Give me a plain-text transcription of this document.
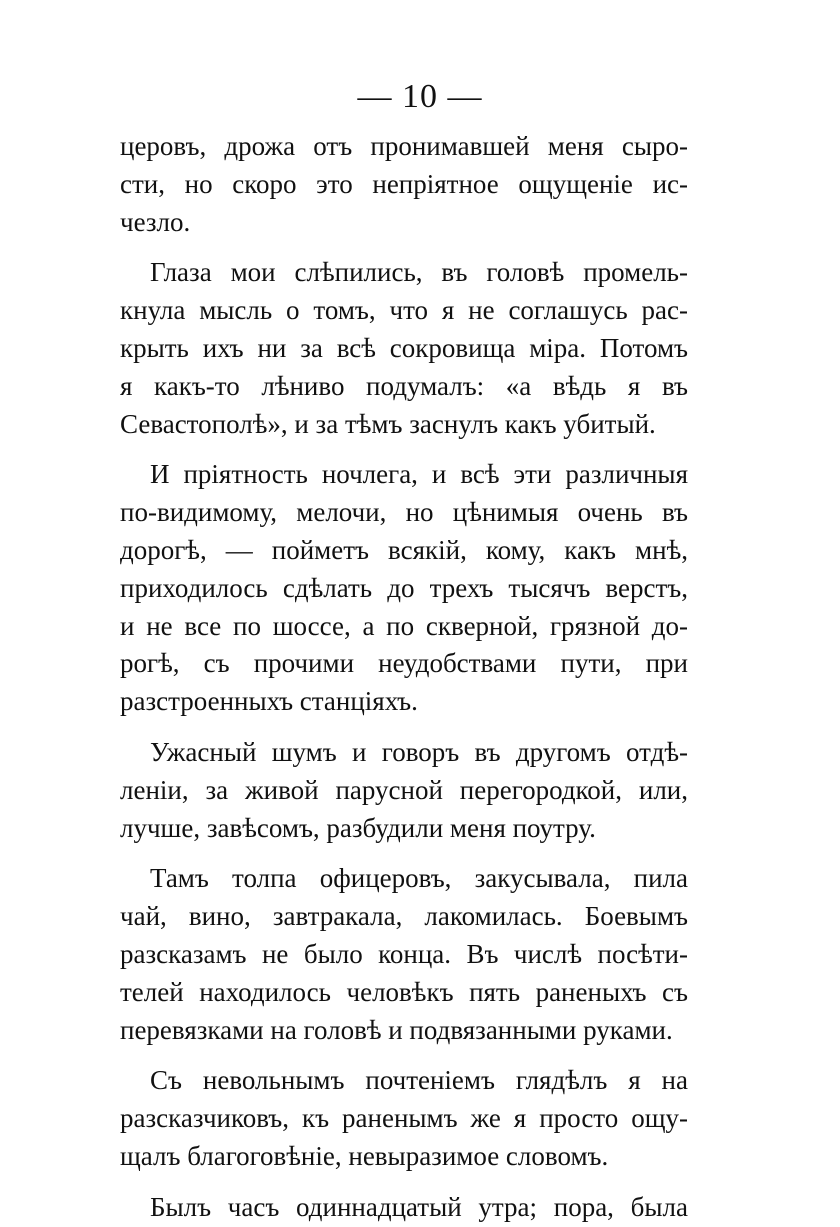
— 10 —
церовъ, дрожа отъ пронимавшей меня сыро-
сти, но скоро это непріятное ощущеніе ис-
чезло.
Глаза мои слѣпились, въ головѣ промель-
кнула мысль о томъ, что я не соглашусь рас-
крыть ихъ ни за всѣ сокровища міра. Потомъ
я какъ-то лѣниво подумалъ: «а вѣдь я въ
Севастополѣ», и за тѣмъ заснулъ какъ убитый.
И пріятность ночлега, и всѣ эти различныя
по-видимому, мелочи, но цѣнимыя очень въ
дорогѣ, — пойметъ всякій, кому, какъ мнѣ,
приходилось сдѣлать до трехъ тысячъ верстъ,
и не все по шоссе, а по скверной, грязной до-
рогѣ, съ прочими неудобствами пути, при
разстроенныхъ станціяхъ.
Ужасный шумъ и говоръ въ другомъ отдѣ-
леніи, за живой парусной перегородкой, или,
лучше, завѣсомъ, разбудили меня поутру.
Тамъ толпа офицеровъ, закусывала, пила
чай, вино, завтракала, лакомилась. Боевымъ
разсказамъ не было конца. Въ числѣ посѣти-
телей находилось человѣкъ пять раненыхъ съ
перевязками на головѣ и подвязанными руками.
Съ невольнымъ почтеніемъ глядѣлъ я на
разсказчиковъ, къ раненымъ же я просто ощу-
щалъ благоговѣніе, невыразимое словомъ.
Былъ часъ одиннадцатый утра; пора, была
